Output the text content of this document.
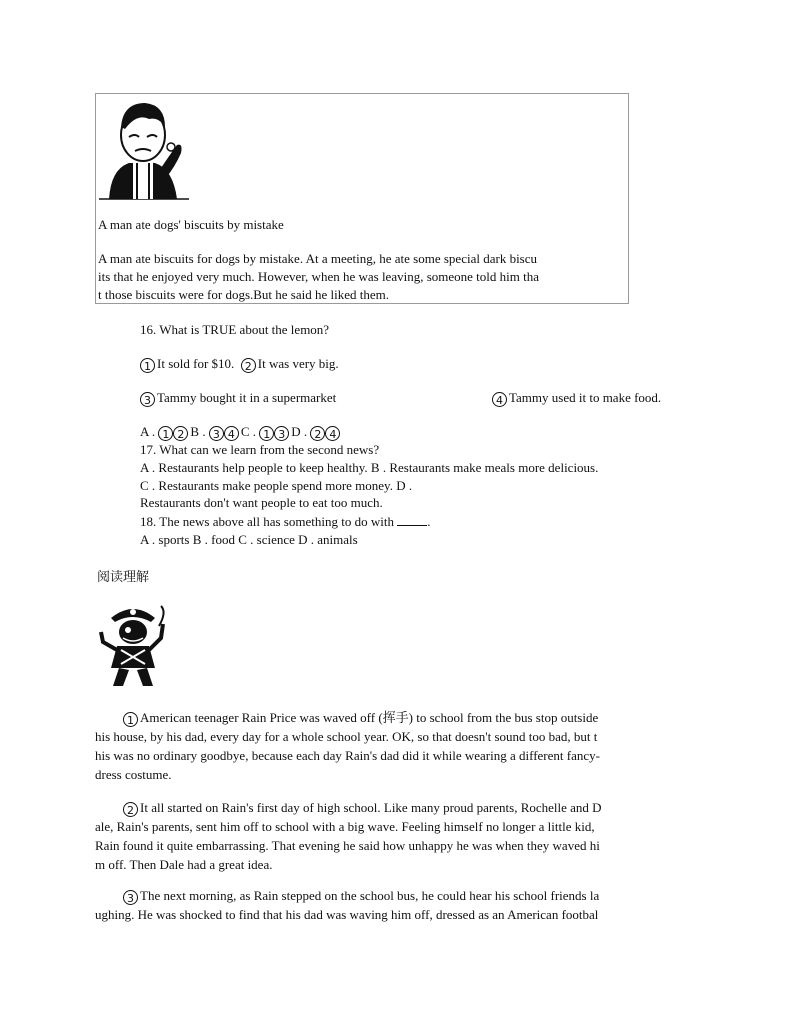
A man ate dogs' biscuits by mistake
A man ate biscuits for dogs by mistake. At a meeting, he ate some special dark biscu
its that he enjoyed very much. However, when he was leaving, someone told him tha
t those biscuits were for dogs.But he said he liked them.
16. What is TRUE about the lemon?
1 It sold for $10. 2 It was very big.
3 Tammy bought it in a supermarket	4 Tammy used it to make food.
A . 1 2 B . 3 4 C . 1 3 D . 2 4
17. What can we learn from the second news?
A . Restaurants help people to keep healthy. B . Restaurants make meals more delicious.
C . Restaurants make people spend more money. D .
Restaurants don't want people to eat too much.
18. The news above all has something to do with	.
A . sports B . food C . science D . animals
阅读理解
1 American teenager Rain Price was waved off (挥手) to school from the bus stop outside
his house, by his dad, every day for a whole school year. OK, so that doesn't sound too bad, but t
his was no ordinary goodbye, because each day Rain's dad did it while wearing a different fancy-
dress costume.
2 It all started on Rain's first day of high school. Like many proud parents, Rochelle and D
ale, Rain's parents, sent him off to school with a big wave. Feeling himself no longer a little kid,
Rain found it quite embarrassing. That evening he said how unhappy he was when they waved hi
m off. Then Dale had a great idea.
3 The next morning, as Rain stepped on the school bus, he could hear his school friends la
ughing. He was shocked to find that his dad was waving him off, dressed as an American footbal
